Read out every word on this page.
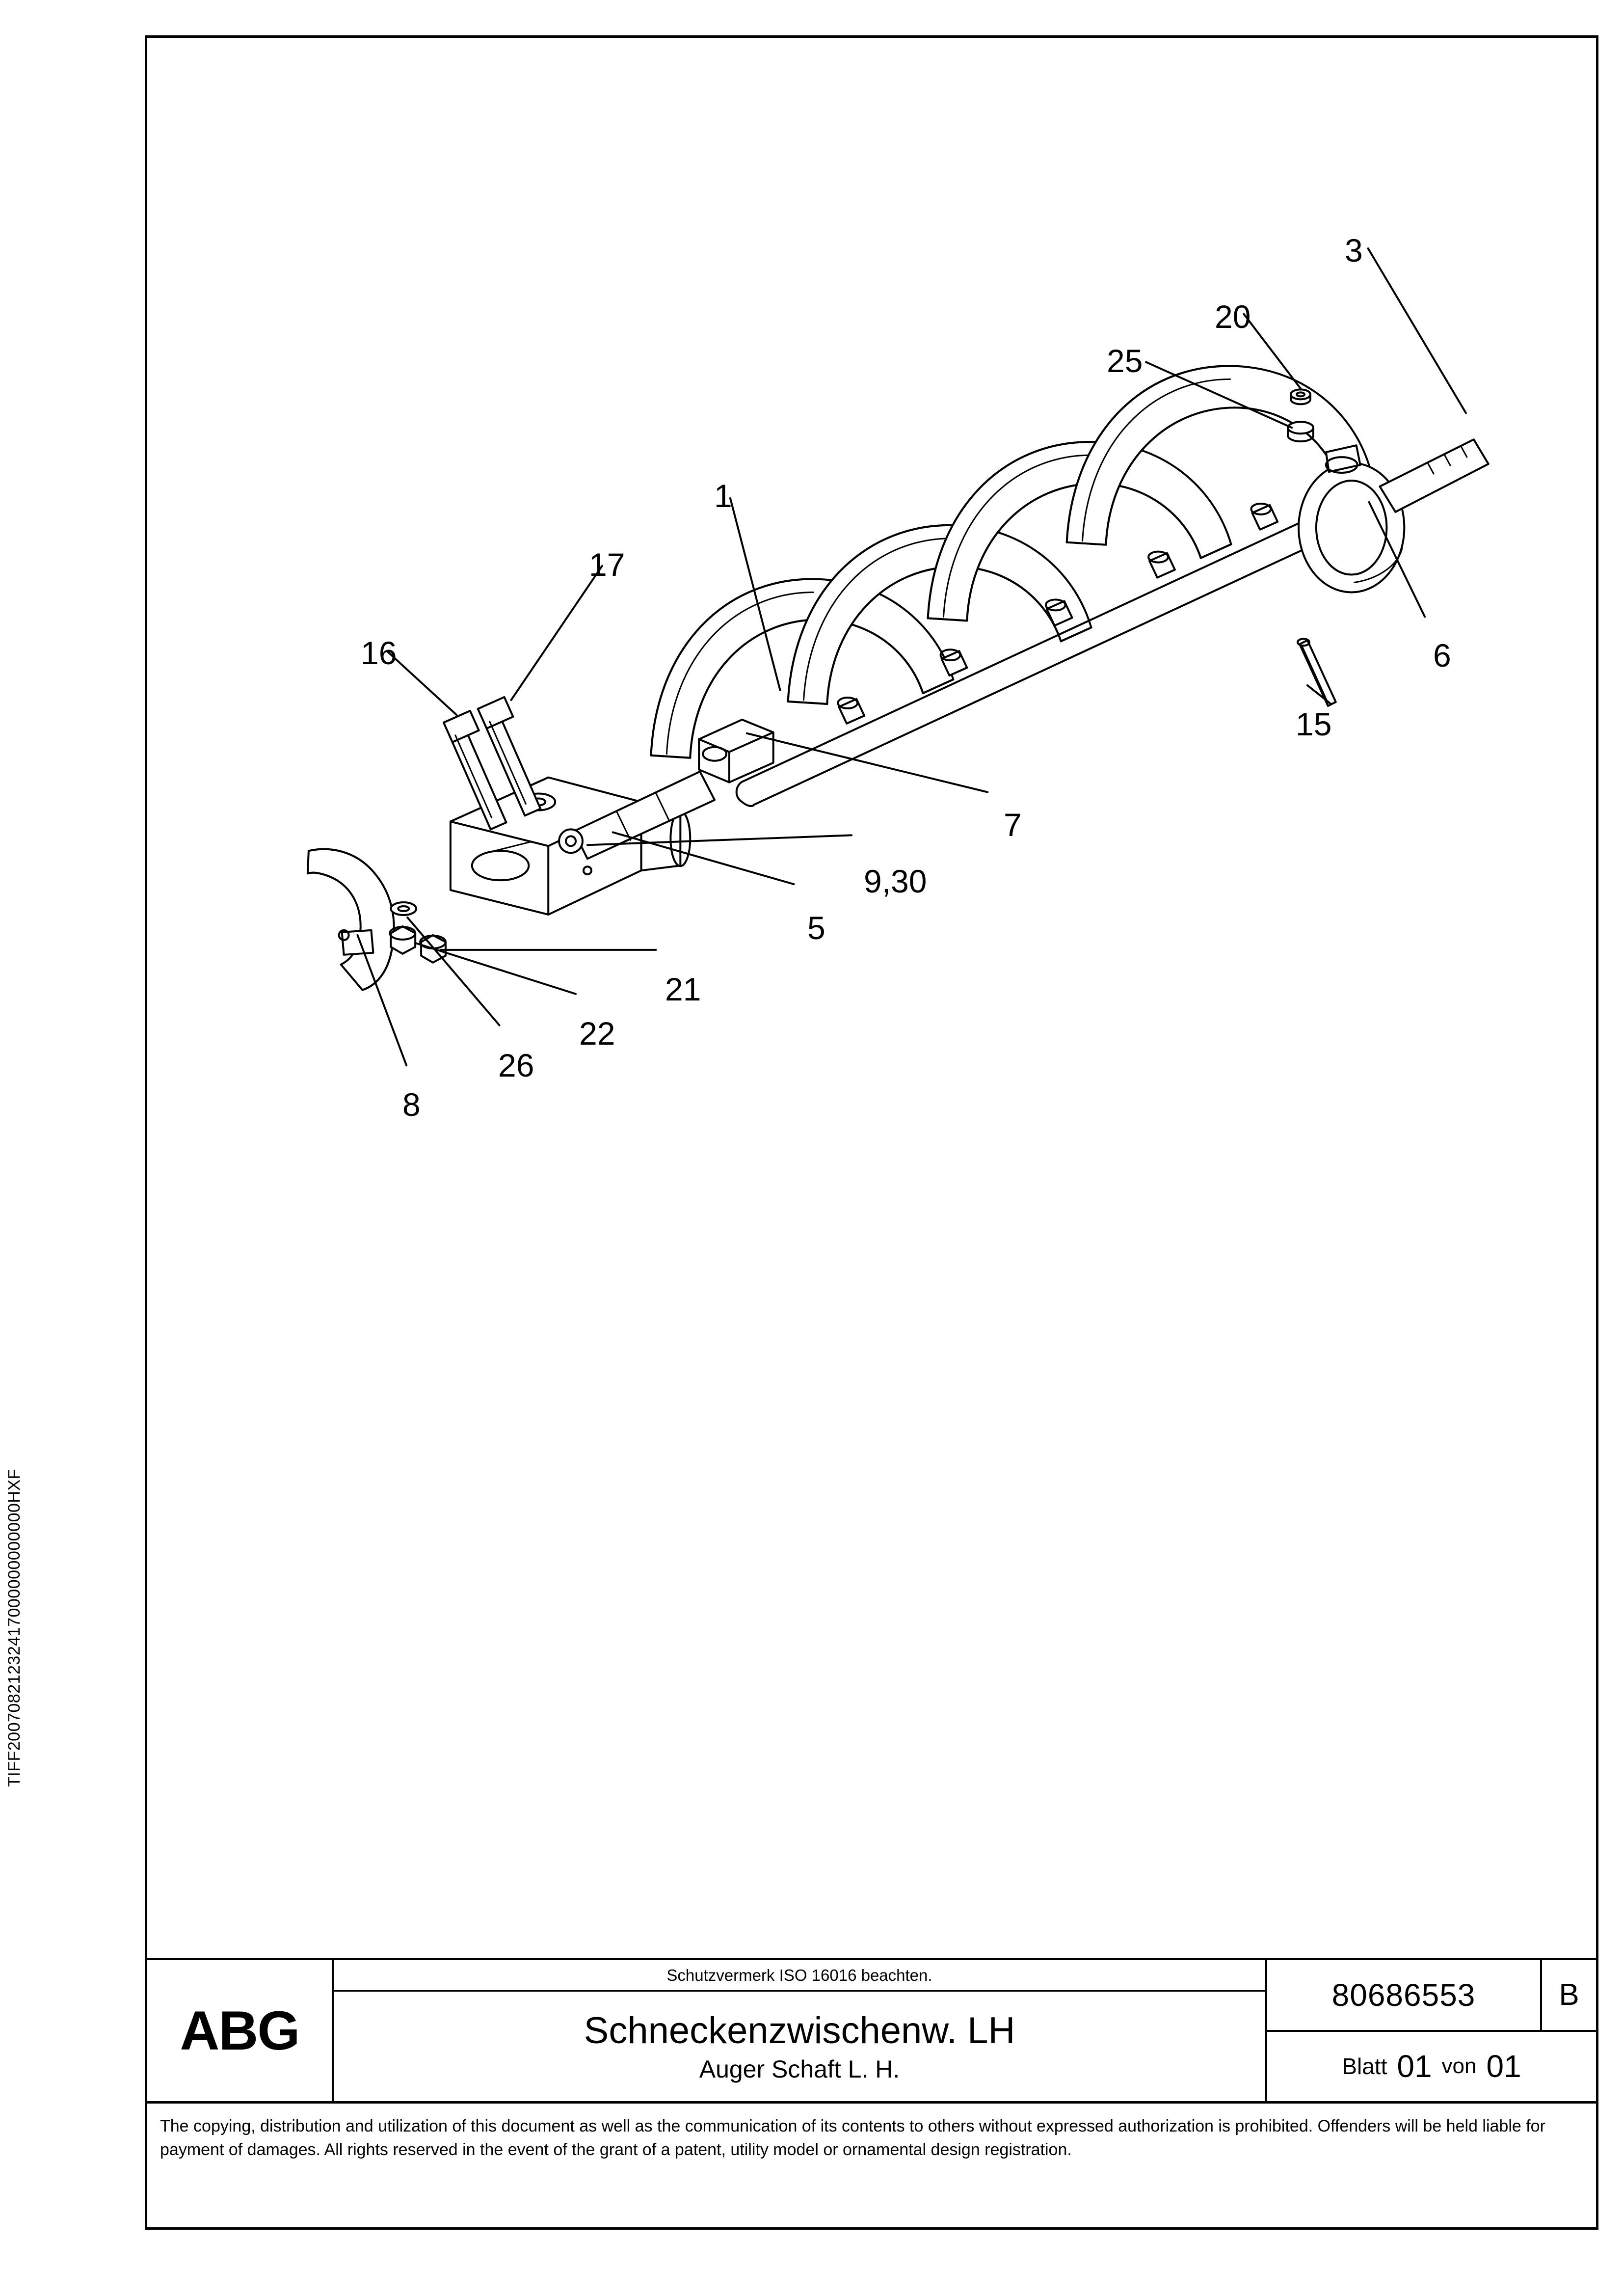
TIFF20070821232417000000000000HXF
3
20
25
1
17
16	6
15
7
9,30
5
21
22
26
8
ABG
Schutzvermerk ISO 16016 beachten.
Schneckenzwischenw. LH
Auger Schaft L. H.
80686553	B
Blatt 01 von 01
The copying, distribution and utilization of this document as well as the communication of its contents to others without expressed authorization is prohibited. Offenders will be held liable for payment of damages. All rights reserved in the event of the grant of a patent, utility model or ornamental design registration.
